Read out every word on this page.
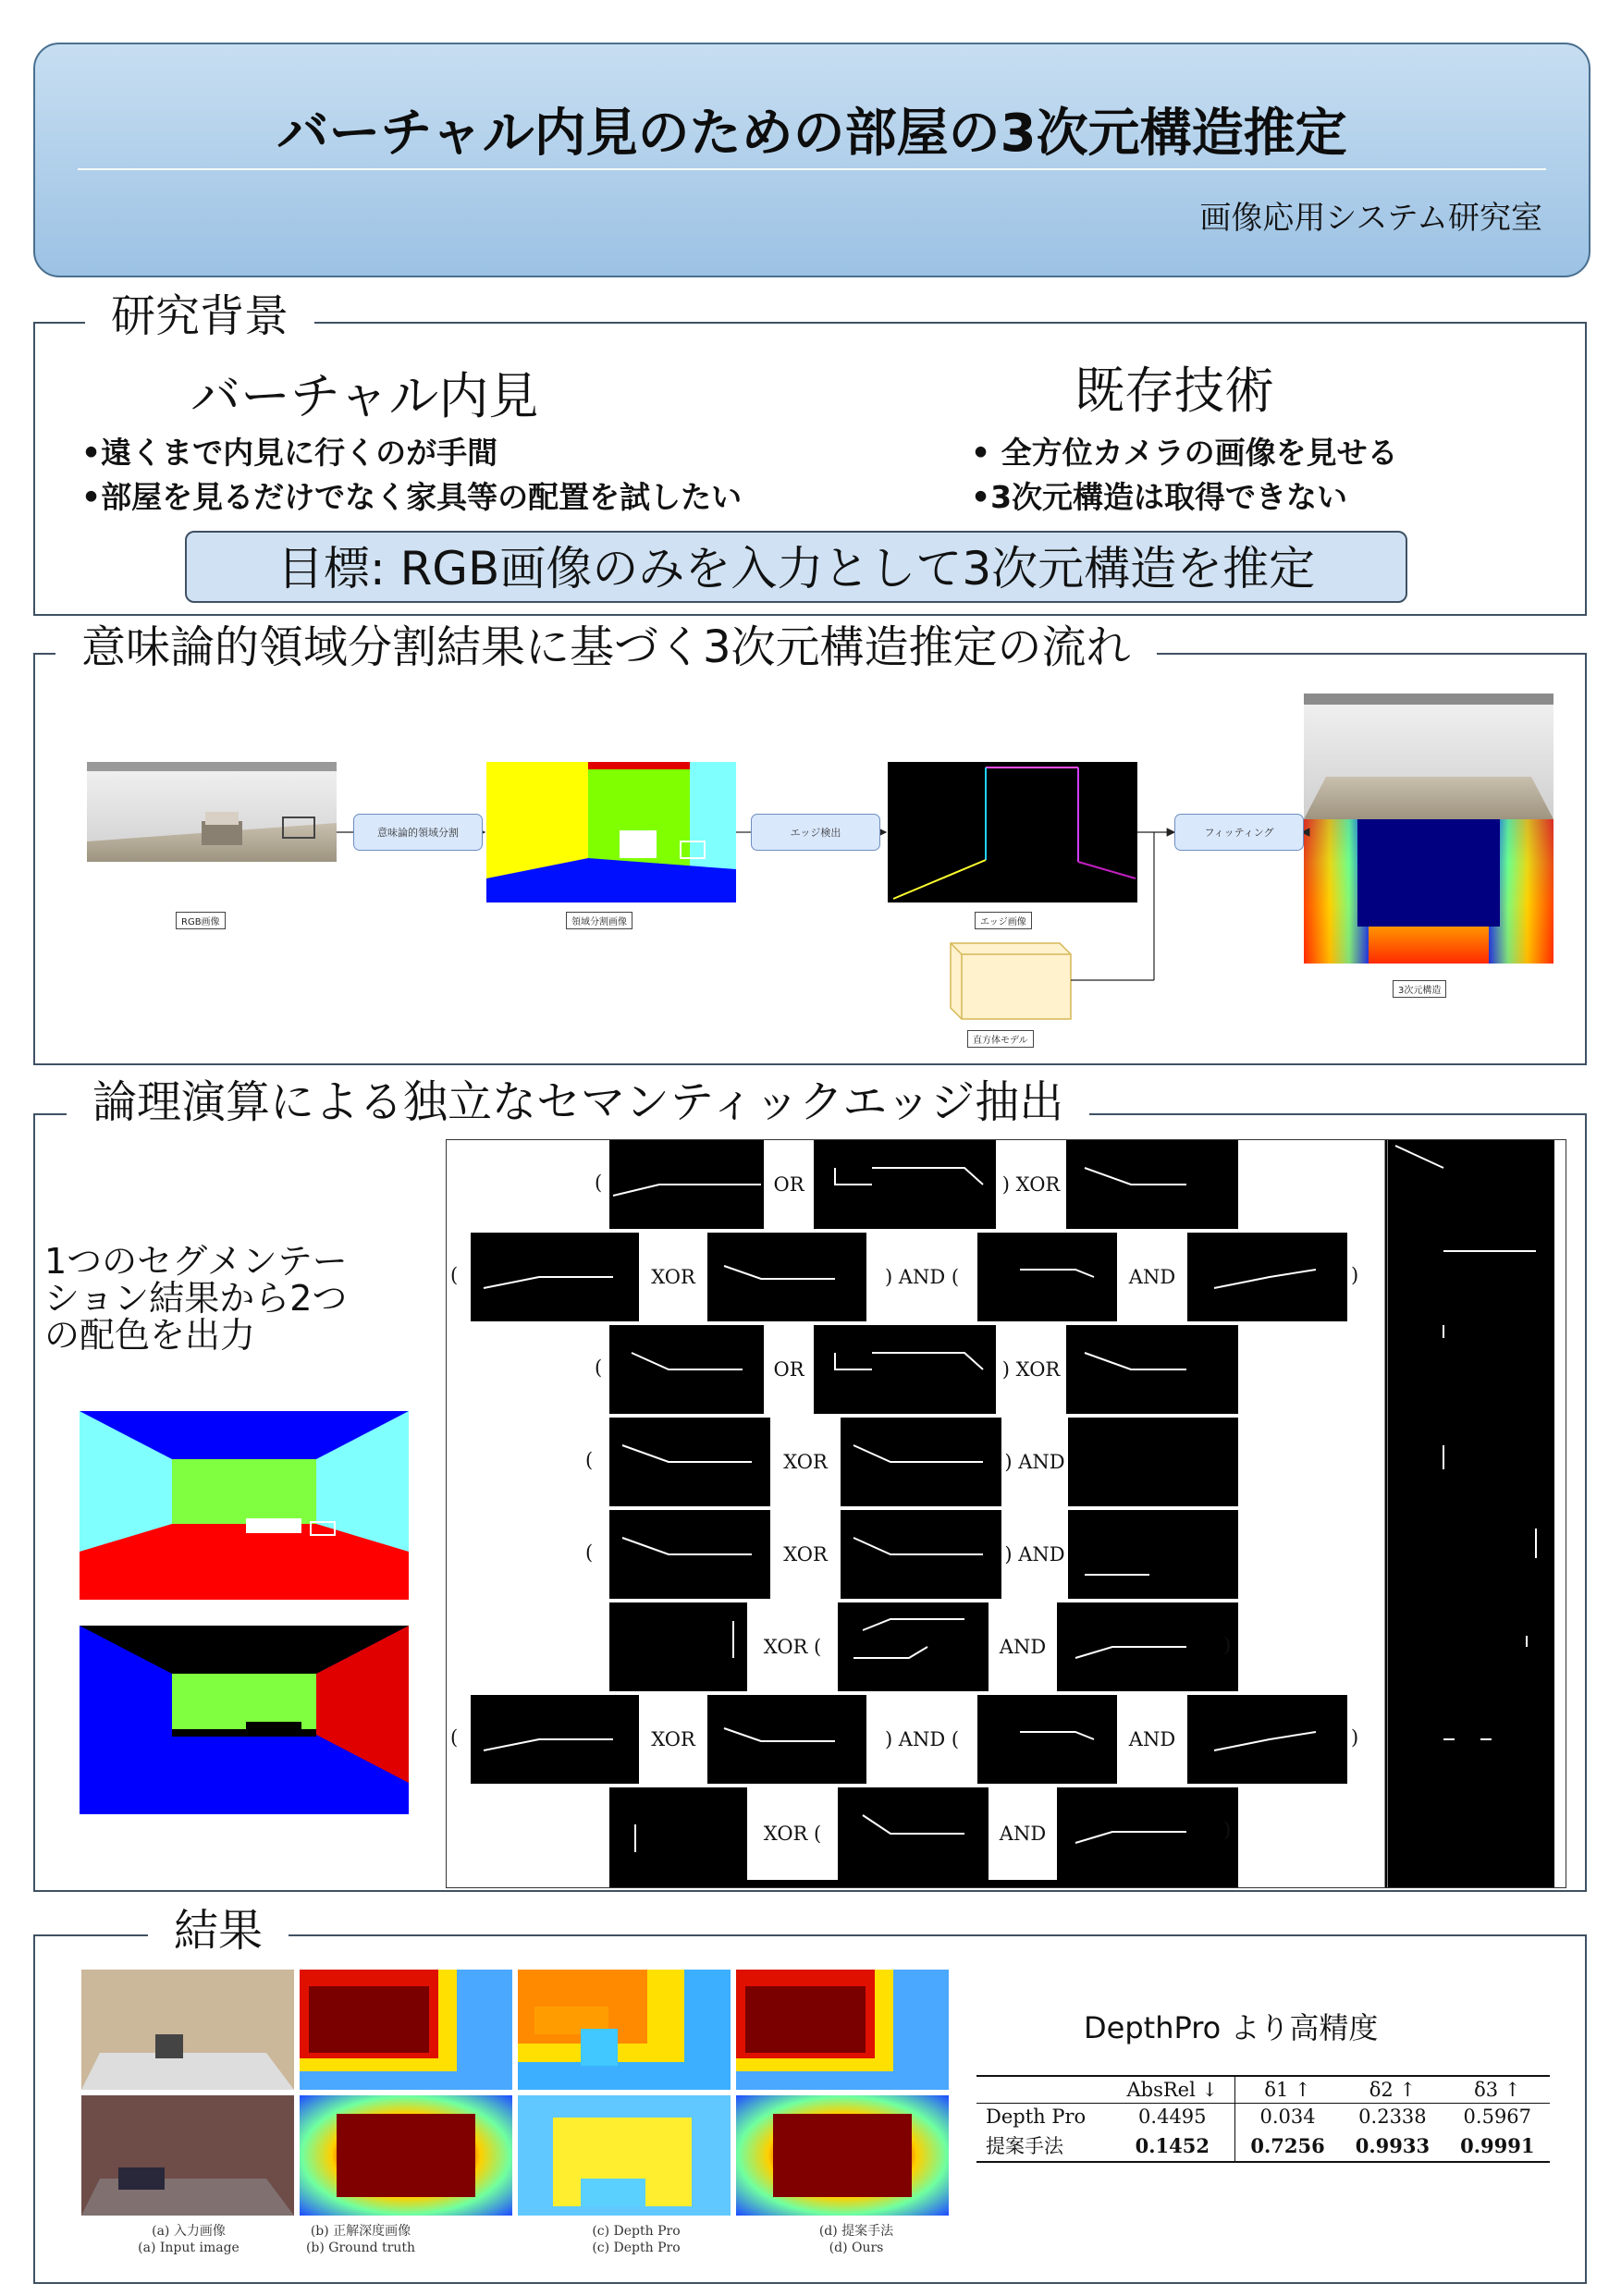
バーチャル内見のための部屋の3次元構造推定
画像応用システム研究室
研究背景
バーチャル内見	既存技術
•遠くまで内見に行くのが手間
•部屋を見るだけでなく家具等の配置を試したい
• 全方位カメラの画像を見せる
•3次元構造は取得できない
目標: RGB画像のみを入力として3次元構造を推定
意味論的領域分割結果に基づく3次元構造推定の流れ
意味論的領域分割	エッジ検出	フィッティング
RGB画像	領域分割画像	エッジ画像
直方体モデル
3次元構造
論理演算による独立なセマンティックエッジ抽出
1つのセグメンテー
ション結果から2つ
の配色を出力
OR	) XOR
(
XOR	) AND (	AND
(	)
OR	) XOR
(
XOR	) AND
(
XOR	) AND
(
XOR (	AND	)
XOR	) AND (	AND
(	)
XOR (	AND	)
結果
(a) 入力画像
(a) Input image
(b) 正解深度画像
(b) Ground truth
(c) Depth Pro
(c) Depth Pro
(d) 提案手法
(d) Ours
DepthPro より高精度
	AbsRel ↓	δ1 ↑	δ2 ↑	δ3 ↑
Depth Pro	0.4495	0.034	0.2338	0.5967
提案手法	0.1452	0.7256	0.9933	0.9991
